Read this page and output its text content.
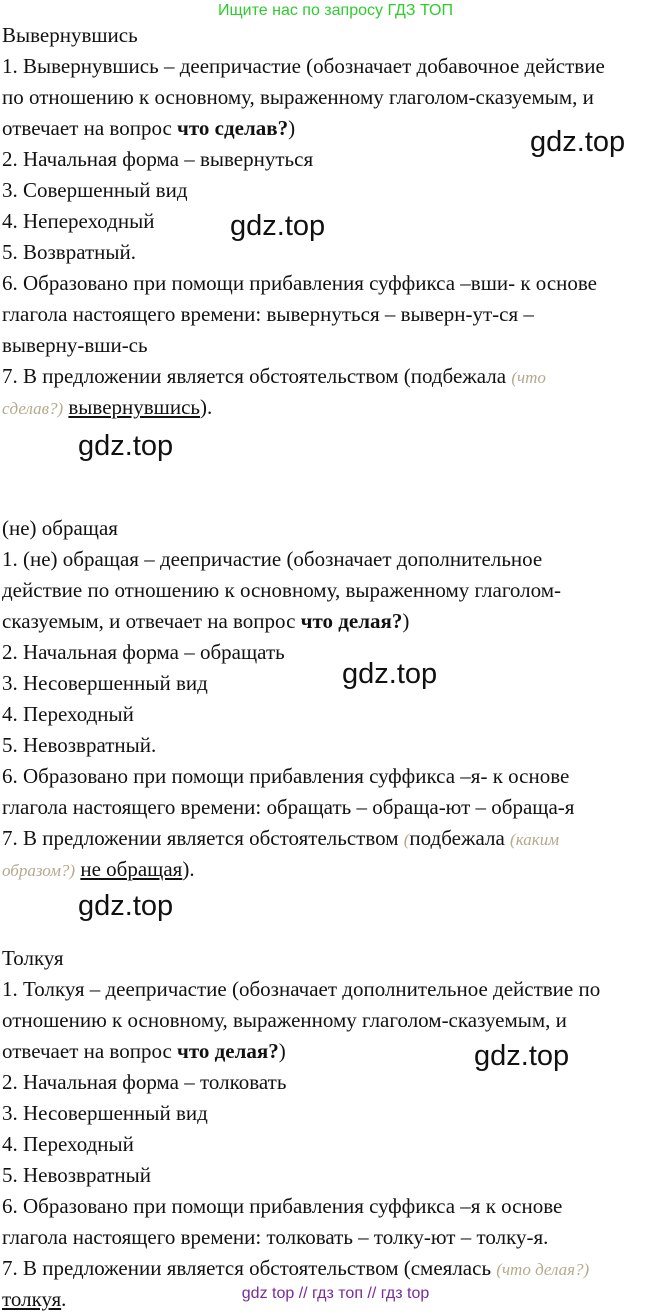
Ищите нас по запросу ГДЗ ТОП
Вывернувшись
1. Вывернувшись – деепричастие (обозначает добавочное действие
по отношению к основному, выраженному глаголом-сказуемым, и
отвечает на вопрос что сделав?)
2. Начальная форма – вывернуться
3. Совершенный вид
4. Непереходный
5. Возвратный.
6. Образовано при помощи прибавления суффикса –вши- к основе
глагола настоящего времени: вывернуться – выверн-ут-ся –
вывернy-вши-сь
7. В предложении является обстоятельством (подбежала (что
сделав?) вывернувшись).
(не) обращая
1. (не) обращая – деепричастие (обозначает дополнительное
действие по отношению к основному, выраженному глаголом-
сказуемым, и отвечает на вопрос что делая?)
2. Начальная форма – обращать
3. Несовершенный вид
4. Переходный
5. Невозвратный.
6. Образовано при помощи прибавления суффикса –я- к основе
глагола настоящего времени: обращать – обраща-ют – обраща-я
7. В предложении является обстоятельством (подбежала (каким
образом?) не обращая).
Толкуя
1. Толкуя – деепричастие (обозначает дополнительное действие по
отношению к основному, выраженному глаголом-сказуемым, и
отвечает на вопрос что делая?)
2. Начальная форма – толковать
3. Несовершенный вид
4. Переходный
5. Невозвратный
6. Образовано при помощи прибавления суффикса –я к основе
глагола настоящего времени: толковать – толку-ют – толку-я.
7. В предложении является обстоятельством (смеялась (что делая?)
толкуя.
gdz.top
gdz.top
gdz.top
gdz.top
gdz.top
gdz.top
gdz top // гдз топ // гдз top
